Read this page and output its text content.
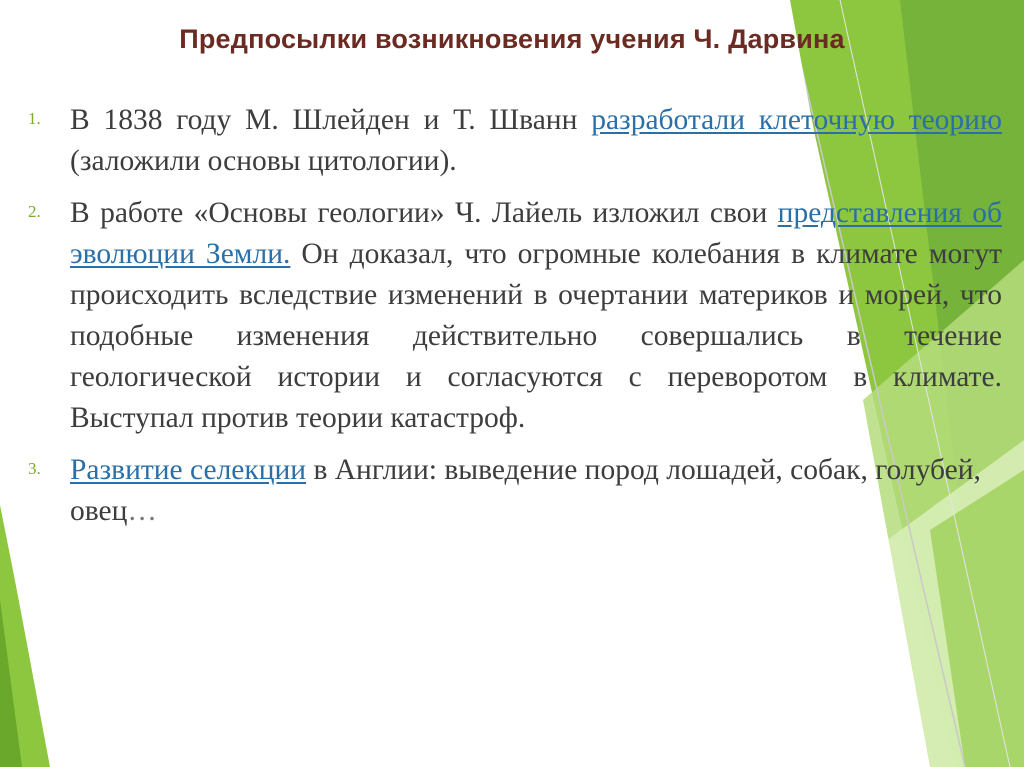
Предпосылки возникновения учения Ч. Дарвина
1. В 1838 году М. Шлейден и Т. Шванн разработали клеточную теорию (заложили основы цитологии).
2. В работе «Основы геологии» Ч. Лайель изложил свои представления об эволюции Земли. Он доказал, что огромные колебания в климате могут происходить вследствие изменений в очертании материков и морей, что подобные изменения действительно совершались в течение геологической истории и согласуются с переворотом в климате. Выступал против теории катастроф.
3. Развитие селекции в Англии: выведение пород лошадей, собак, голубей, овец…
